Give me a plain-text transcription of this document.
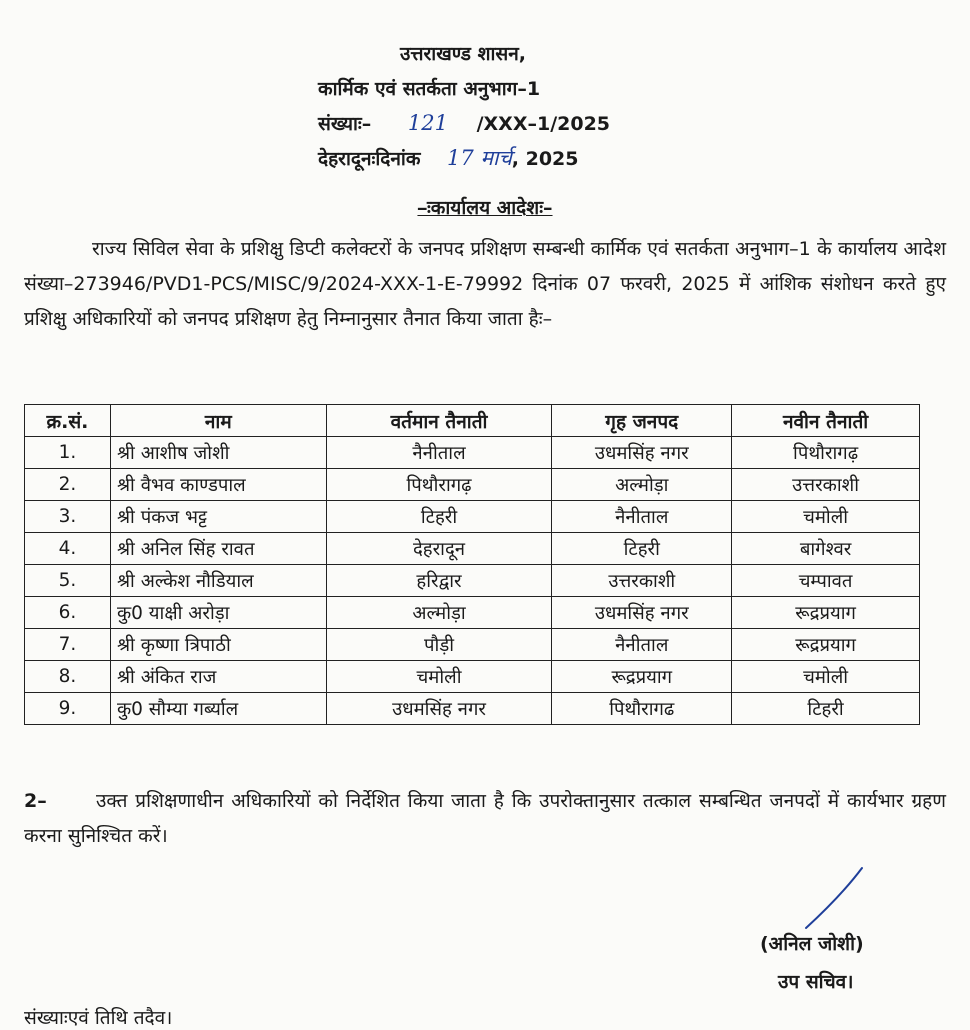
उत्तराखण्ड शासन,
कार्मिक एवं सतर्कता अनुभाग–1
संख्याः– 121 /XXX–1/2025
देहरादूनःदिनांक 17 मार्च, 2025
–ःकार्यालय आदेशः–
राज्य सिविल सेवा के प्रशिक्षु डिप्टी कलेक्टरों के जनपद प्रशिक्षण सम्बन्धी कार्मिक एवं सतर्कता अनुभाग–1 के कार्यालय आदेश संख्या–273946/PVD1-PCS/MISC/9/2024-XXX-1-E-79992 दिनांक 07 फरवरी, 2025 में आंशिक संशोधन करते हुए प्रशिक्षु अधिकारियों को जनपद प्रशिक्षण हेतु निम्नानुसार तैनात किया जाता हैः–
क्र.सं.	नाम	वर्तमान तैनाती	गृह जनपद	नवीन तैनाती
1.	श्री आशीष जोशी	नैनीताल	उधमसिंह नगर	पिथौरागढ़
2.	श्री वैभव काण्डपाल	पिथौरागढ़	अल्मोड़ा	उत्तरकाशी
3.	श्री पंकज भट्ट	टिहरी	नैनीताल	चमोली
4.	श्री अनिल सिंह रावत	देहरादून	टिहरी	बागेश्वर
5.	श्री अल्केश नौडियाल	हरिद्वार	उत्तरकाशी	चम्पावत
6.	कु0 याक्षी अरोड़ा	अल्मोड़ा	उधमसिंह नगर	रूद्रप्रयाग
7.	श्री कृष्णा त्रिपाठी	पौड़ी	नैनीताल	रूद्रप्रयाग
8.	श्री अंकित राज	चमोली	रूद्रप्रयाग	चमोली
9.	कु0 सौम्या गर्ब्याल	उधमसिंह नगर	पिथौरागढ	टिहरी
2–	उक्त प्रशिक्षणाधीन अधिकारियों को निर्देशित किया जाता है कि उपरोक्तानुसार तत्काल सम्बन्धित जनपदों में कार्यभार ग्रहण करना सुनिश्चित करें।
(अनिल जोशी)
उप सचिव।
संख्याःएवं तिथि तदैव।
